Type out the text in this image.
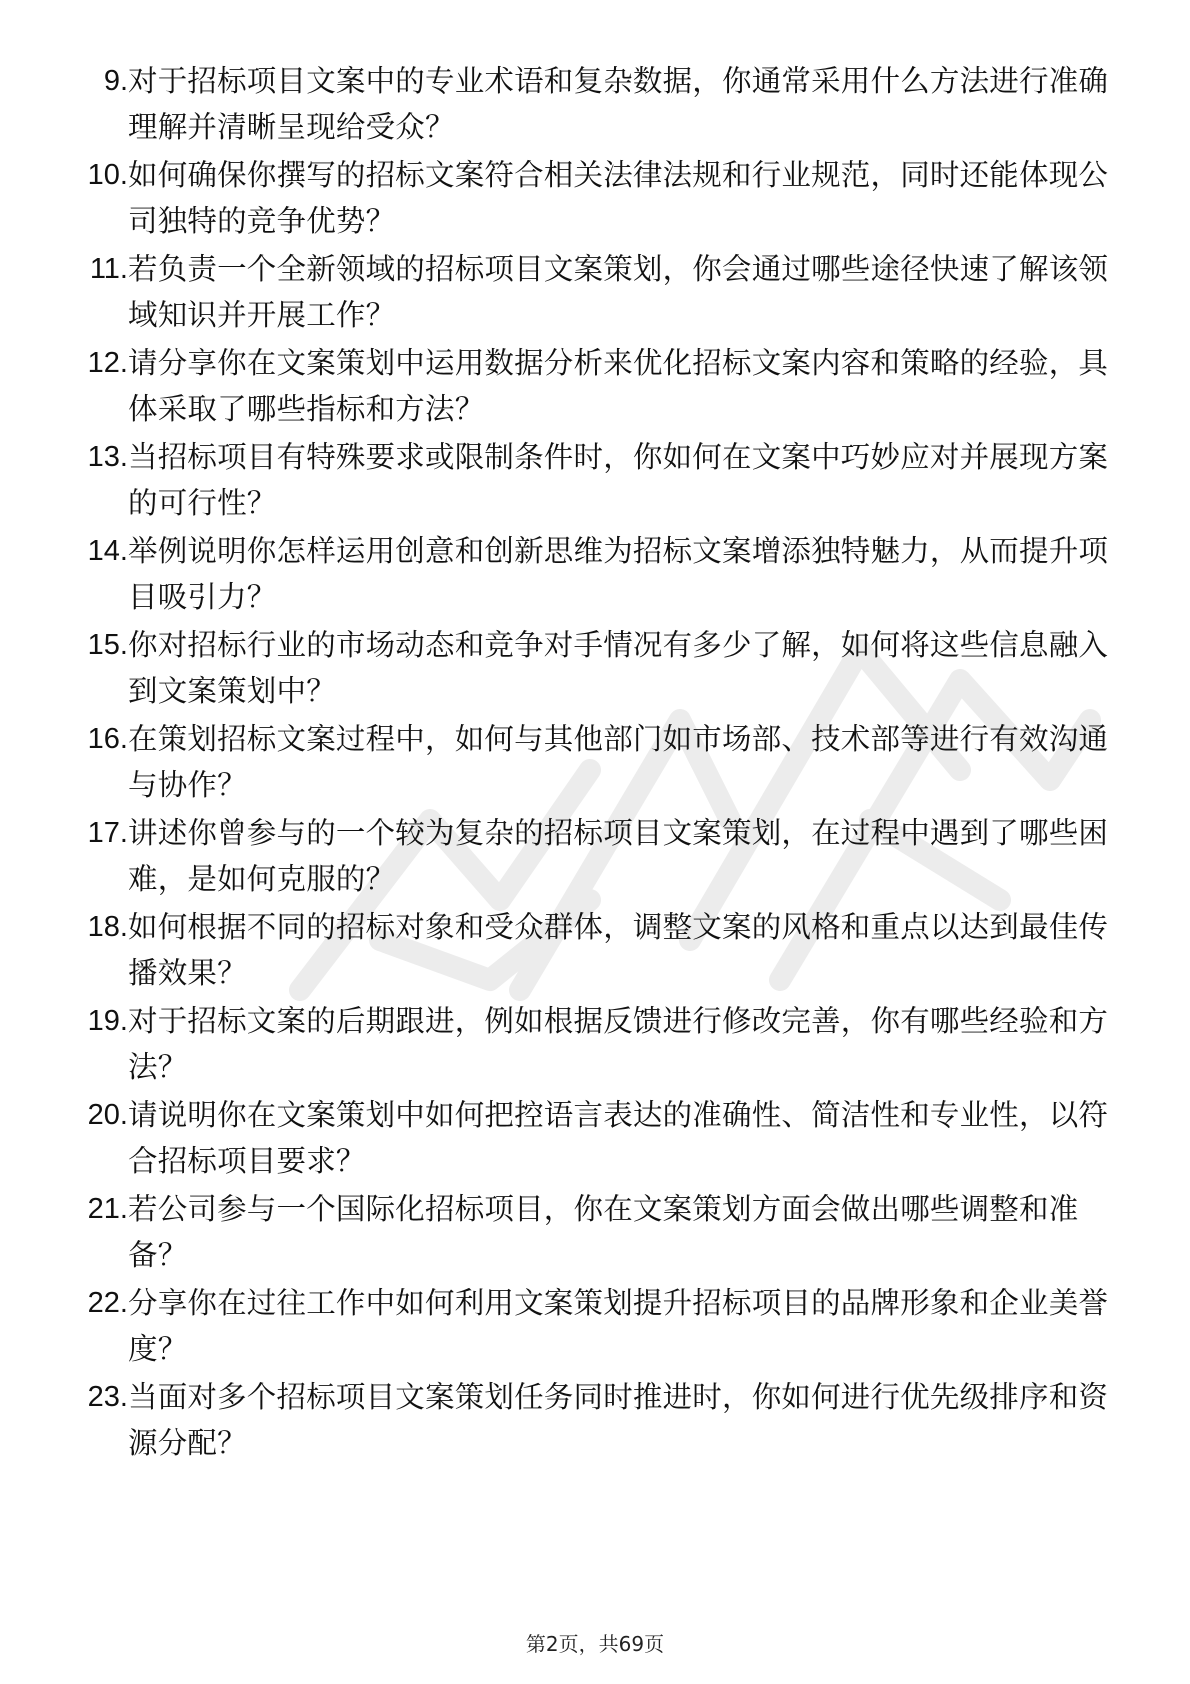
9. 对于招标项目文案中的专业术语和复杂数据，你通常采用什么方法进行准确理解并清晰呈现给受众？
10. 如何确保你撰写的招标文案符合相关法律法规和行业规范，同时还能体现公司独特的竞争优势？
11. 若负责一个全新领域的招标项目文案策划，你会通过哪些途径快速了解该领域知识并开展工作？
12. 请分享你在文案策划中运用数据分析来优化招标文案内容和策略的经验，具体采取了哪些指标和方法？
13. 当招标项目有特殊要求或限制条件时，你如何在文案中巧妙应对并展现方案的可行性？
14. 举例说明你怎样运用创意和创新思维为招标文案增添独特魅力，从而提升项目吸引力？
15. 你对招标行业的市场动态和竞争对手情况有多少了解，如何将这些信息融入到文案策划中？
16. 在策划招标文案过程中，如何与其他部门如市场部、技术部等进行有效沟通与协作？
17. 讲述你曾参与的一个较为复杂的招标项目文案策划，在过程中遇到了哪些困难，是如何克服的？
18. 如何根据不同的招标对象和受众群体，调整文案的风格和重点以达到最佳传播效果？
19. 对于招标文案的后期跟进，例如根据反馈进行修改完善，你有哪些经验和方法？
20. 请说明你在文案策划中如何把控语言表达的准确性、简洁性和专业性，以符合招标项目要求？
21. 若公司参与一个国际化招标项目，你在文案策划方面会做出哪些调整和准备？
22. 分享你在过往工作中如何利用文案策划提升招标项目的品牌形象和企业美誉度？
23. 当面对多个招标项目文案策划任务同时推进时，你如何进行优先级排序和资源分配？
第2页，共69页
